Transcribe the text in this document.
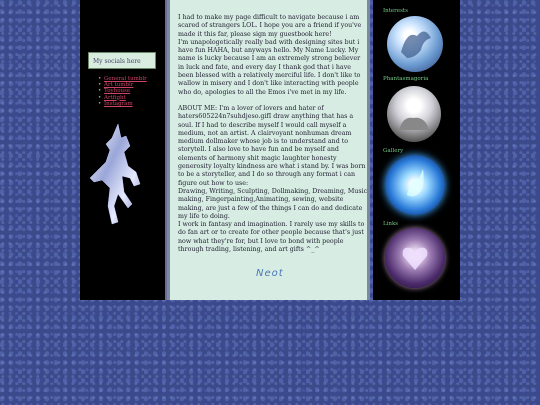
My socials here
• General tumblr
• Art tumblr
• Toyhouse
• Artfight
• Instagram

I had to make my page difficult to navigate because i am scared of strangers LOL. I hope you are a friend if you've made it this far, please sign my guestbook here!
I'm unapologetically really bad with designing sites but i have fun HAHA, but anyways hello. My Name Lucky. My name is lucky because I am an extremely strong believer in luck and fate, and every day I thank god that i have been blessed with a relatively merciful life. I don't like to wallow in misery and I don't like interacting with people who do, apologies to all the Emos i've met in my life.

ABOUT ME: I'm a lover of lovers and hater of haters605224n7suhdjeso.gifI draw anything that has a soul. If I had to describe myself I would call myself a medium, not an artist. A clairvoyant nonhuman dream medium dollmaker whose job is to understand and to storytell. I also love to have fun and be myself and elements of harmony shit magic laughter honesty generosity loyalty kindness are what i stand by. I was born to be a storyteller, and I do so through any format i can figure out how to use:
Drawing, Writing, Sculpting, Dollmaking, Dreaming, Music making, Fingerpainting,Animating, sewing, website making, are just a few of the things I can do and dedicate my life to doing.
I work in fantasy and imagination. I rarely use my skills to do fan art or to create for other people because that's just now what they're for, but I love to bond with people through trading, listening, and art gifts ^_^

Neot
Interests
Phantasmagoria
Gallery
Links
